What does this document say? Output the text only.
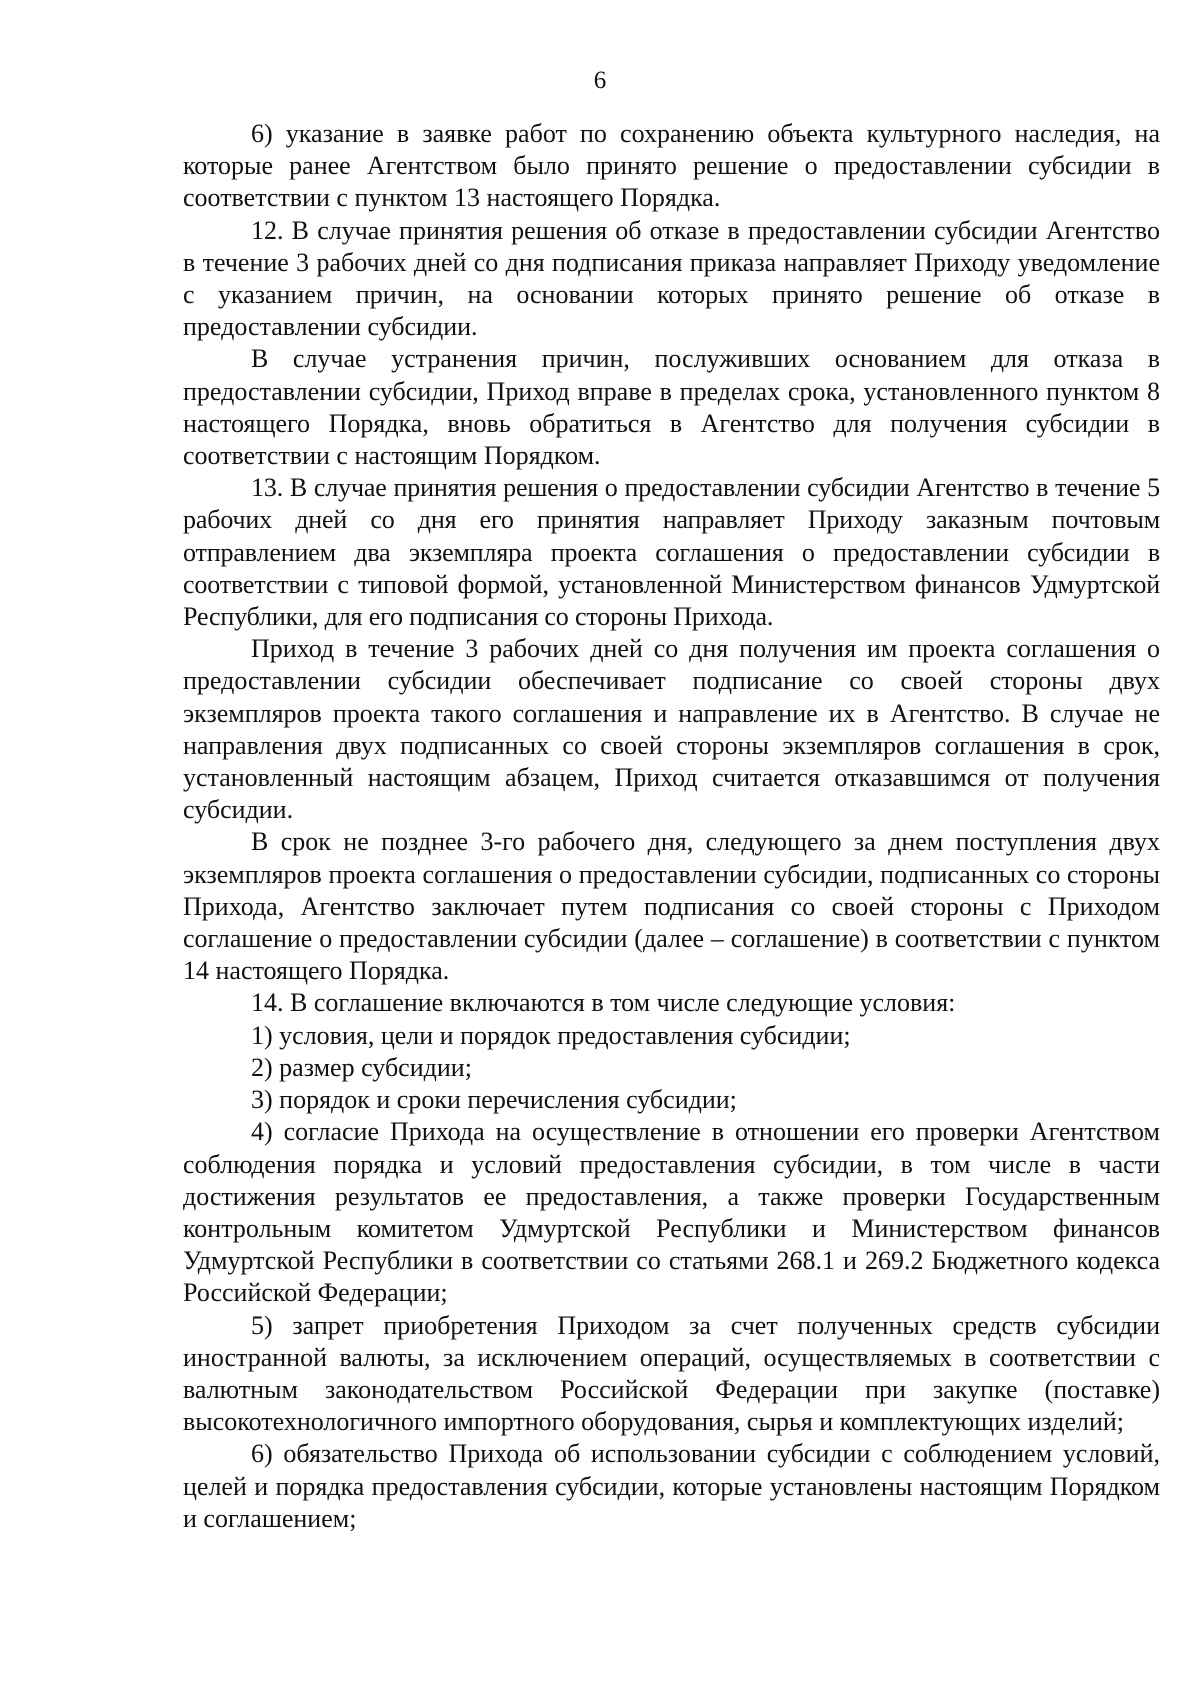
6

6) указание в заявке работ по сохранению объекта культурного наследия, на которые ранее Агентством было принято решение о предоставлении субсидии в соответствии с пунктом 13 настоящего Порядка.

12. В случае принятия решения об отказе в предоставлении субсидии Агентство в течение 3 рабочих дней со дня подписания приказа направляет Приходу уведомление с указанием причин, на основании которых принято решение об отказе в предоставлении субсидии.

В случае устранения причин, послуживших основанием для отказа в предоставлении субсидии, Приход вправе в пределах срока, установленного пунктом 8 настоящего Порядка, вновь обратиться в Агентство для получения субсидии в соответствии с настоящим Порядком.

13. В случае принятия решения о предоставлении субсидии Агентство в течение 5 рабочих дней со дня его принятия направляет Приходу заказным почтовым отправлением два экземпляра проекта соглашения о предоставлении субсидии в соответствии с типовой формой, установленной Министерством финансов Удмуртской Республики, для его подписания со стороны Прихода.

Приход в течение 3 рабочих дней со дня получения им проекта соглашения о предоставлении субсидии обеспечивает подписание со своей стороны двух экземпляров проекта такого соглашения и направление их в Агентство. В случае не направления двух подписанных со своей стороны экземпляров соглашения в срок, установленный настоящим абзацем, Приход считается отказавшимся от получения субсидии.

В срок не позднее 3-го рабочего дня, следующего за днем поступления двух экземпляров проекта соглашения о предоставлении субсидии, подписанных со стороны Прихода, Агентство заключает путем подписания со своей стороны с Приходом соглашение о предоставлении субсидии (далее – соглашение) в соответствии с пунктом 14 настоящего Порядка.

14. В соглашение включаются в том числе следующие условия:

1) условия, цели и порядок предоставления субсидии;

2) размер субсидии;

3) порядок и сроки перечисления субсидии;

4) согласие Прихода на осуществление в отношении его проверки Агентством соблюдения порядка и условий предоставления субсидии, в том числе в части достижения результатов ее предоставления, а также проверки Государственным контрольным комитетом Удмуртской Республики и Министерством финансов Удмуртской Республики в соответствии со статьями 268.1 и 269.2 Бюджетного кодекса Российской Федерации;

5) запрет приобретения Приходом за счет полученных средств субсидии иностранной валюты, за исключением операций, осуществляемых в соответствии с валютным законодательством Российской Федерации при закупке (поставке) высокотехнологичного импортного оборудования, сырья и комплектующих изделий;

6) обязательство Прихода об использовании субсидии с соблюдением условий, целей и порядка предоставления субсидии, которые установлены настоящим Порядком и соглашением;
